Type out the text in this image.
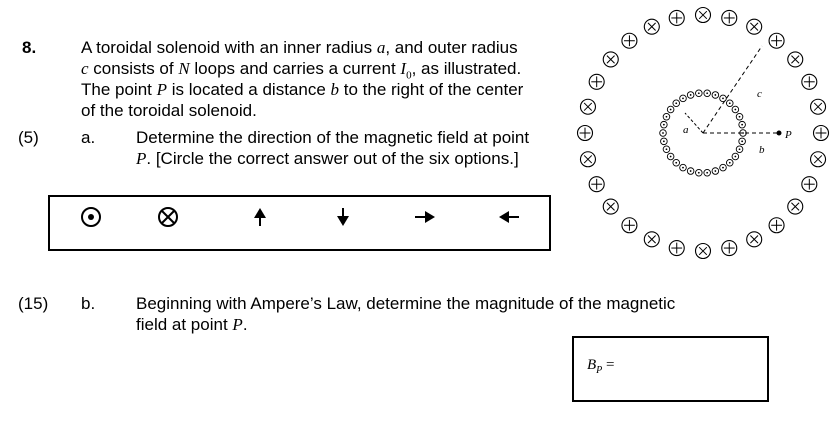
8.	A toroidal solenoid with an inner radius a, and outer radius
c consists of N loops and carries a current $I_0$, as illustrated.
The point P is located a distance b to the right of the center
of the toroidal solenoid.
(5) a. Determine the direction of the magnetic field at point
P. [Circle the correct answer out of the six options.]
(15) b. Beginning with Ampere’s Law, determine the magnitude of the magnetic
field at point P.
$B_P$ =
a
c
b
P
